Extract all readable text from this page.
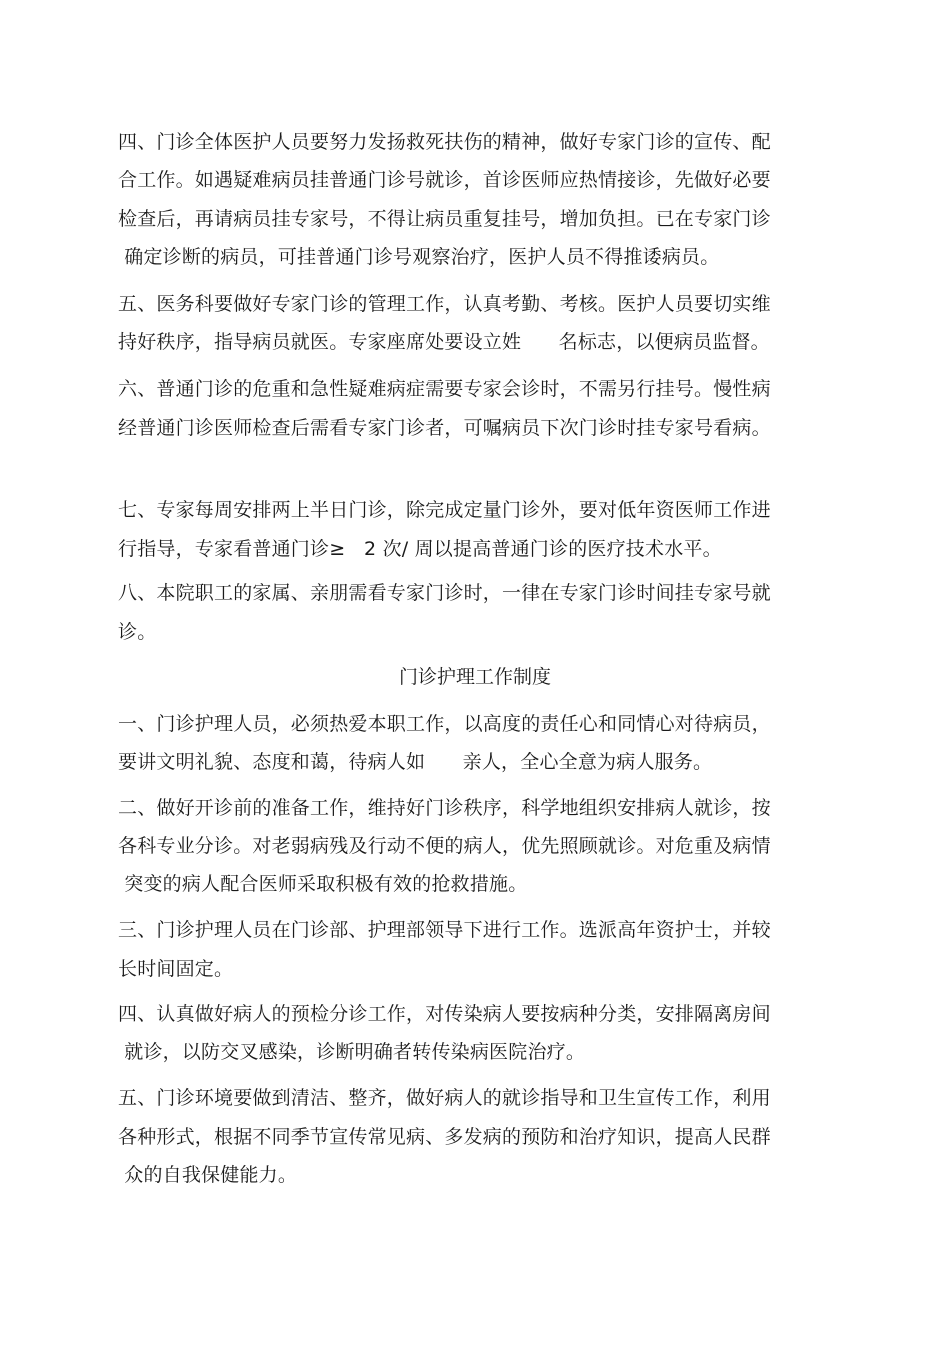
四、门诊全体医护人员要努力发扬救死扶伤的精神，做好专家门诊的宣传、配
合工作。如遇疑难病员挂普通门诊号就诊，首诊医师应热情接诊，先做好必要
检查后，再请病员挂专家号，不得让病员重复挂号，增加负担。已在专家门诊
确定诊断的病员，可挂普通门诊号观察治疗，医护人员不得推诿病员。
五、医务科要做好专家门诊的管理工作，认真考勤、考核。医护人员要切实维
持好秩序，指导病员就医。专家座席处要设立姓      名标志，以便病员监督。
六、普通门诊的危重和急性疑难病症需要专家会诊时，不需另行挂号。慢性病
经普通门诊医师检查后需看专家门诊者，可嘱病员下次门诊时挂专家号看病。
七、专家每周安排两上半日门诊，除完成定量门诊外，要对低年资医师工作进
行指导，专家看普通门诊≥   2 次/ 周以提高普通门诊的医疗技术水平。
八、本院职工的家属、亲朋需看专家门诊时，一律在专家门诊时间挂专家号就
诊。
门诊护理工作制度
一、门诊护理人员，必须热爱本职工作，以高度的责任心和同情心对待病员，
要讲文明礼貌、态度和蔼，待病人如      亲人，全心全意为病人服务。
二、做好开诊前的准备工作，维持好门诊秩序，科学地组织安排病人就诊，按
各科专业分诊。对老弱病残及行动不便的病人，优先照顾就诊。对危重及病情
突变的病人配合医师采取积极有效的抢救措施。
三、门诊护理人员在门诊部、护理部领导下进行工作。选派高年资护士，并较
长时间固定。
四、认真做好病人的预检分诊工作，对传染病人要按病种分类，安排隔离房间
就诊，以防交叉感染，诊断明确者转传染病医院治疗。
五、门诊环境要做到清洁、整齐，做好病人的就诊指导和卫生宣传工作，利用
各种形式，根据不同季节宣传常见病、多发病的预防和治疗知识，提高人民群
众的自我保健能力。
